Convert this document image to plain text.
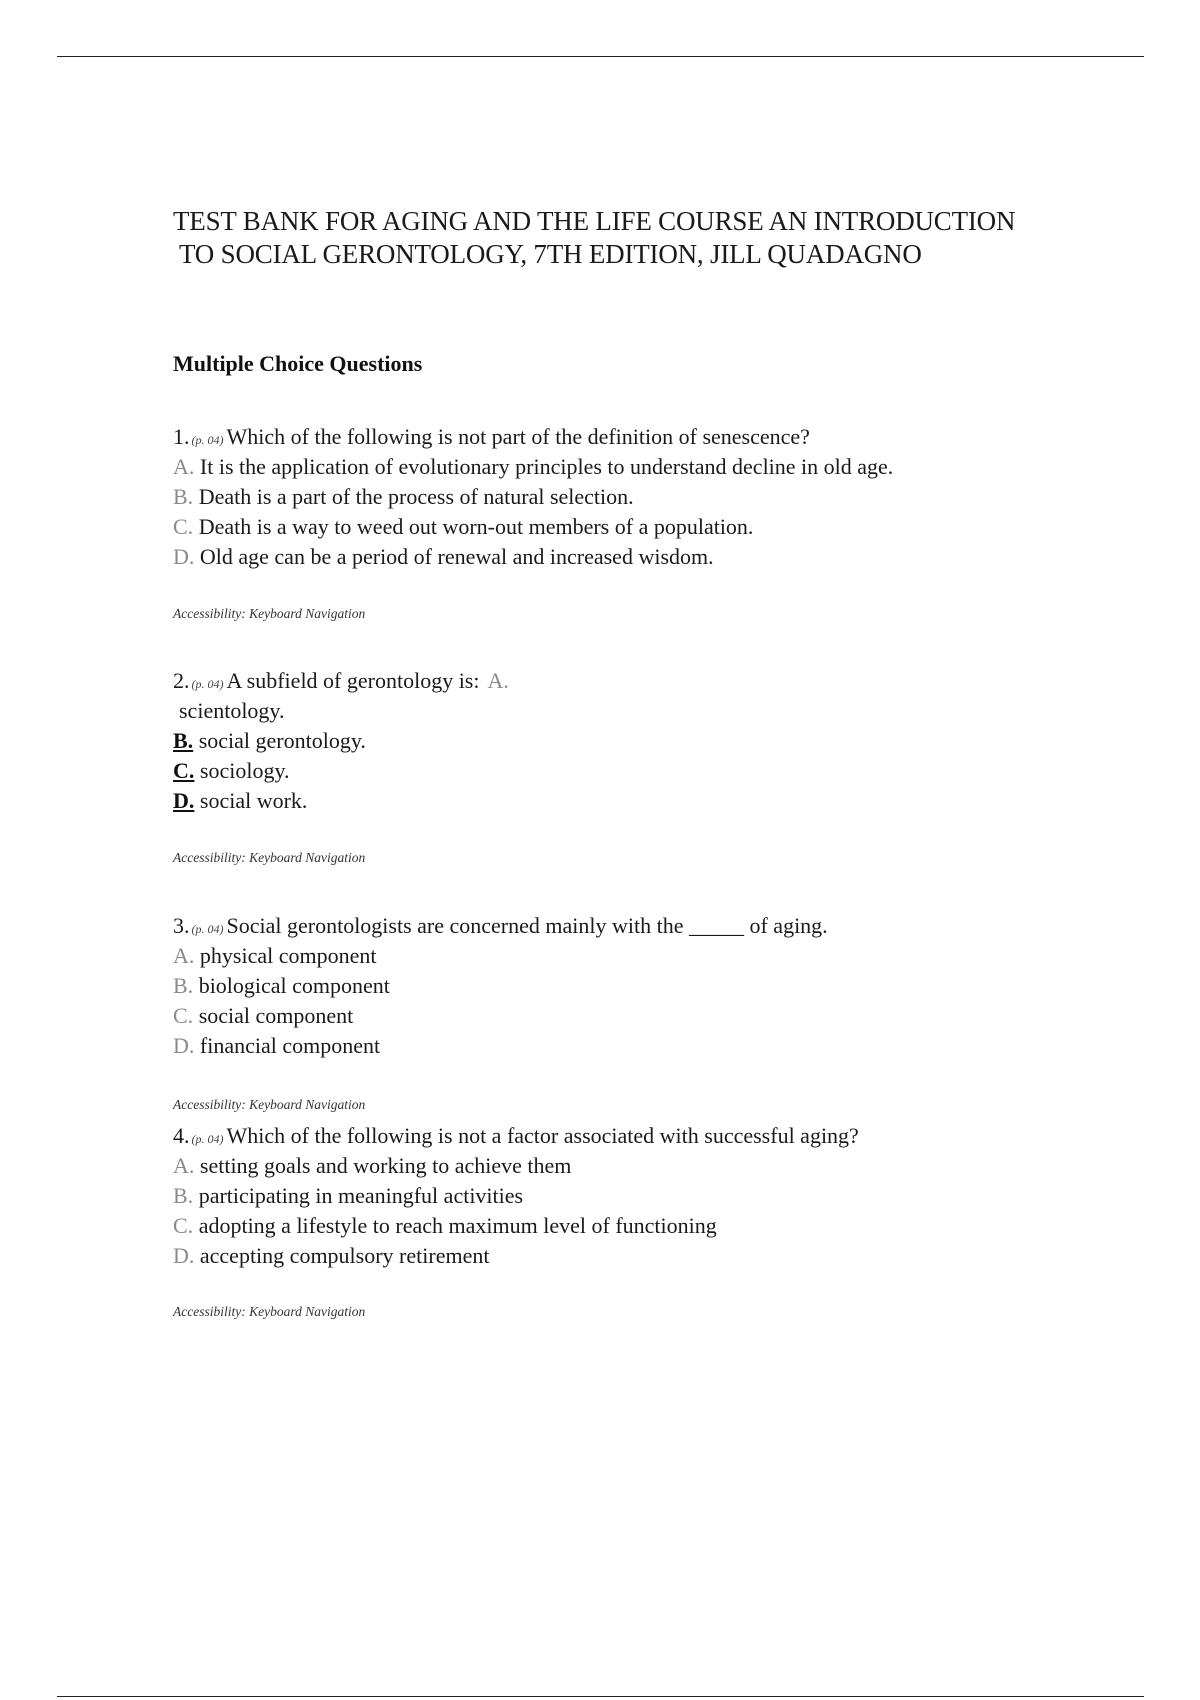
TEST BANK FOR AGING AND THE LIFE COURSE AN INTRODUCTION
TO SOCIAL GERONTOLOGY, 7TH EDITION, JILL QUADAGNO
Multiple Choice Questions
1. (p. 04) Which of the following is not part of the definition of senescence?
A. It is the application of evolutionary principles to understand decline in old age.
B. Death is a part of the process of natural selection.
C. Death is a way to weed out worn-out members of a population.
D. Old age can be a period of renewal and increased wisdom.
Accessibility: Keyboard Navigation
2. (p. 04) A subfield of gerontology is: A.
scientology.
B. social gerontology.
C. sociology.
D. social work.
Accessibility: Keyboard Navigation
3. (p. 04) Social gerontologists are concerned mainly with the _____ of aging.
A. physical component
B. biological component
C. social component
D. financial component
Accessibility: Keyboard Navigation
4. (p. 04) Which of the following is not a factor associated with successful aging?
A. setting goals and working to achieve them
B. participating in meaningful activities
C. adopting a lifestyle to reach maximum level of functioning
D. accepting compulsory retirement
Accessibility: Keyboard Navigation
